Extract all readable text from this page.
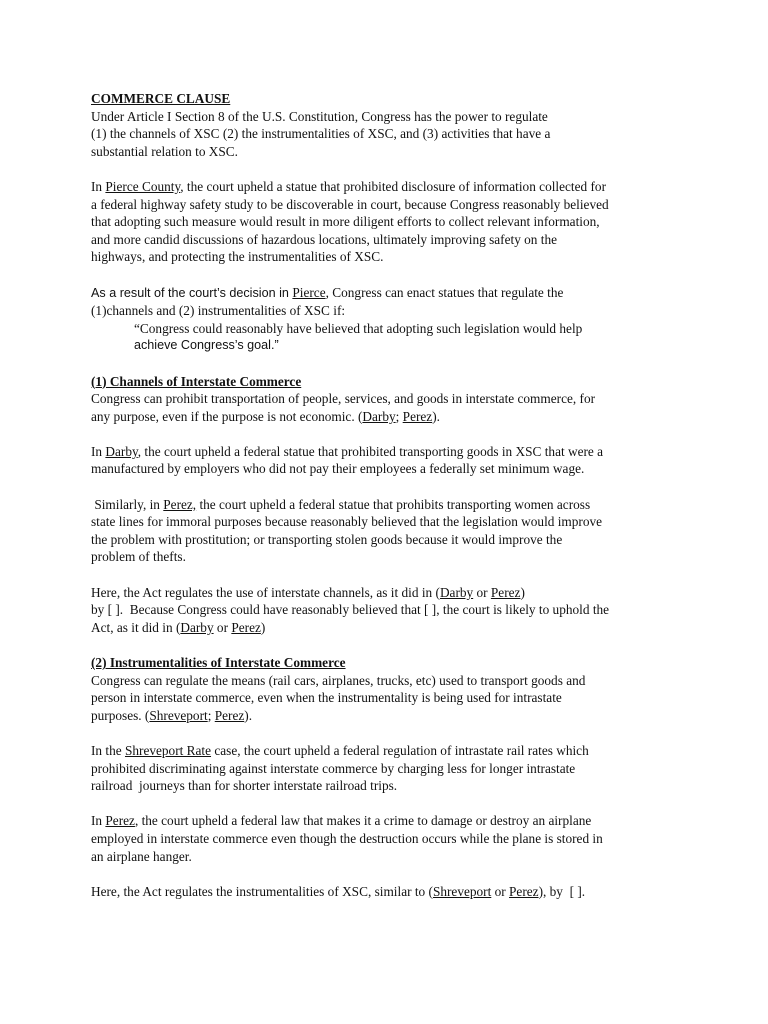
COMMERCE CLAUSE

Under Article I Section 8 of the U.S. Constitution, Congress has the power to regulate
(1) the channels of XSC (2) the instrumentalities of XSC, and (3) activities that have a
substantial relation to XSC.

In Pierce County, the court upheld a statue that prohibited disclosure of information collected for
a federal highway safety study to be discoverable in court, because Congress reasonably believed
that adopting such measure would result in more diligent efforts to collect relevant information,
and more candid discussions of hazardous locations, ultimately improving safety on the
highways, and protecting the instrumentalities of XSC.

As a result of the court’s decision in Pierce, Congress can enact statues that regulate the
(1)channels and (2) instrumentalities of XSC if:
“Congress could reasonably have believed that adopting such legislation would help
achieve Congress’s goal.”

(1) Channels of Interstate Commerce

Congress can prohibit transportation of people, services, and goods in interstate commerce, for
any purpose, even if the purpose is not economic. (Darby; Perez).

In Darby, the court upheld a federal statue that prohibited transporting goods in XSC that were a
manufactured by employers who did not pay their employees a federally set minimum wage.

Similarly, in Perez, the court upheld a federal statue that prohibits transporting women across
state lines for immoral purposes because reasonably believed that the legislation would improve
the problem with prostitution; or transporting stolen goods because it would improve the
problem of thefts.

Here, the Act regulates the use of interstate channels, as it did in (Darby or Perez)
by [ ].  Because Congress could have reasonably believed that [ ], the court is likely to uphold the
Act, as it did in (Darby or Perez)

(2) Instrumentalities of Interstate Commerce

Congress can regulate the means (rail cars, airplanes, trucks, etc) used to transport goods and
person in interstate commerce, even when the instrumentality is being used for intrastate
purposes. (Shreveport; Perez).

In the Shreveport Rate case, the court upheld a federal regulation of intrastate rail rates which
prohibited discriminating against interstate commerce by charging less for longer intrastate
railroad  journeys than for shorter interstate railroad trips.

In Perez, the court upheld a federal law that makes it a crime to damage or destroy an airplane
employed in interstate commerce even though the destruction occurs while the plane is stored in
an airplane hanger.

Here, the Act regulates the instrumentalities of XSC, similar to (Shreveport or Perez), by  [ ].
